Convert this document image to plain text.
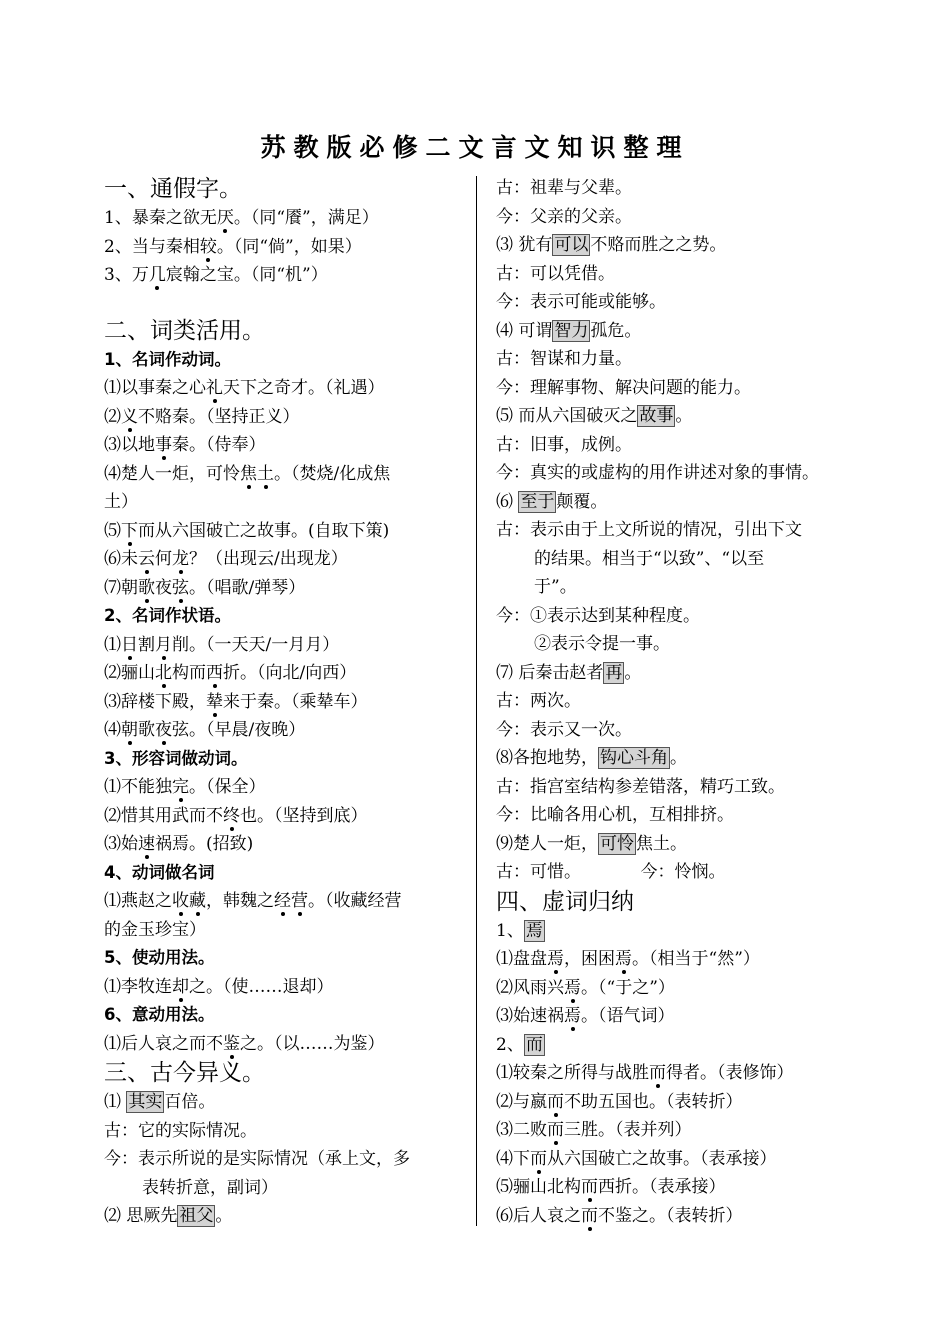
苏教版必修二文言文知识整理
一、通假字。
1、暴秦之欲无厌。（同“餍”，满足）
2、当与秦相较。（同“倘”，如果）
3、万几宸翰之宝。（同“机”）
二、词类活用。
1、名词作动词。
⑴以事秦之心礼天下之奇才。（礼遇）
⑵义不赂秦。（坚持正义）
⑶以地事秦。（侍奉）
⑷楚人一炬，可怜焦土。（焚烧/化成焦
土）
⑸下而从六国破亡之故事。(自取下策)
⑹未云何龙？（出现云/出现龙）
⑺朝歌夜弦。（唱歌/弹琴）
2、名词作状语。
⑴日割月削。（一天天/一月月）
⑵骊山北构而西折。（向北/向西）
⑶辞楼下殿，辇来于秦。（乘辇车）
⑷朝歌夜弦。（早晨/夜晚）
3、形容词做动词。
⑴不能独完。（保全）
⑵惜其用武而不终也。（坚持到底）
⑶始速祸焉。(招致)
4、动词做名词
⑴燕赵之收藏，韩魏之经营。（收藏经营
的金玉珍宝）
5、使动用法。
⑴李牧连却之。（使……退却）
6、意动用法。
⑴后人哀之而不鉴之。（以……为鉴）
三、古今异义。
⑴ 其实 百倍。
古：它的实际情况。
今：表示所说的是实际情况（承上文，多
表转折意，副词）
⑵ 思厥先 祖父 。
古：祖辈与父辈。
今：父亲的父亲。
⑶ 犹有 可以 不赂而胜之之势。
古：可以凭借。
今：表示可能或能够。
⑷ 可谓 智力 孤危。
古：智谋和力量。
今：理解事物、解决问题的能力。
⑸ 而从六国破灭之 故事 。
古：旧事，成例。
今：真实的或虚构的用作讲述对象的事情。
⑹ 至于 颠覆。
古：表示由于上文所说的情况，引出下文
的结果。相当于“以致”、“以至
于”。
今：①表示达到某种程度。
②表示令提一事。
⑺ 后秦击赵者 再 。
古：两次。
今：表示又一次。
⑻各抱地势， 钩心斗角 。
古：指宫室结构参差错落，精巧工致。
今：比喻各用心机，互相排挤。
⑼楚人一炬， 可怜 焦土。
古：可惜。　　　　今：怜悯。
四、虚词归纳
1、 焉
⑴盘盘焉，困困焉。（相当于“然”）
⑵风雨兴焉。（“于之”）
⑶始速祸焉。（语气词）
2、 而
⑴较秦之所得与战胜而得者。（表修饰）
⑵与嬴而不助五国也。（表转折）
⑶二败而三胜。（表并列）
⑷下而从六国破亡之故事。（表承接）
⑸骊山北构而西折。（表承接）
⑹后人哀之而不鉴之。（表转折）
